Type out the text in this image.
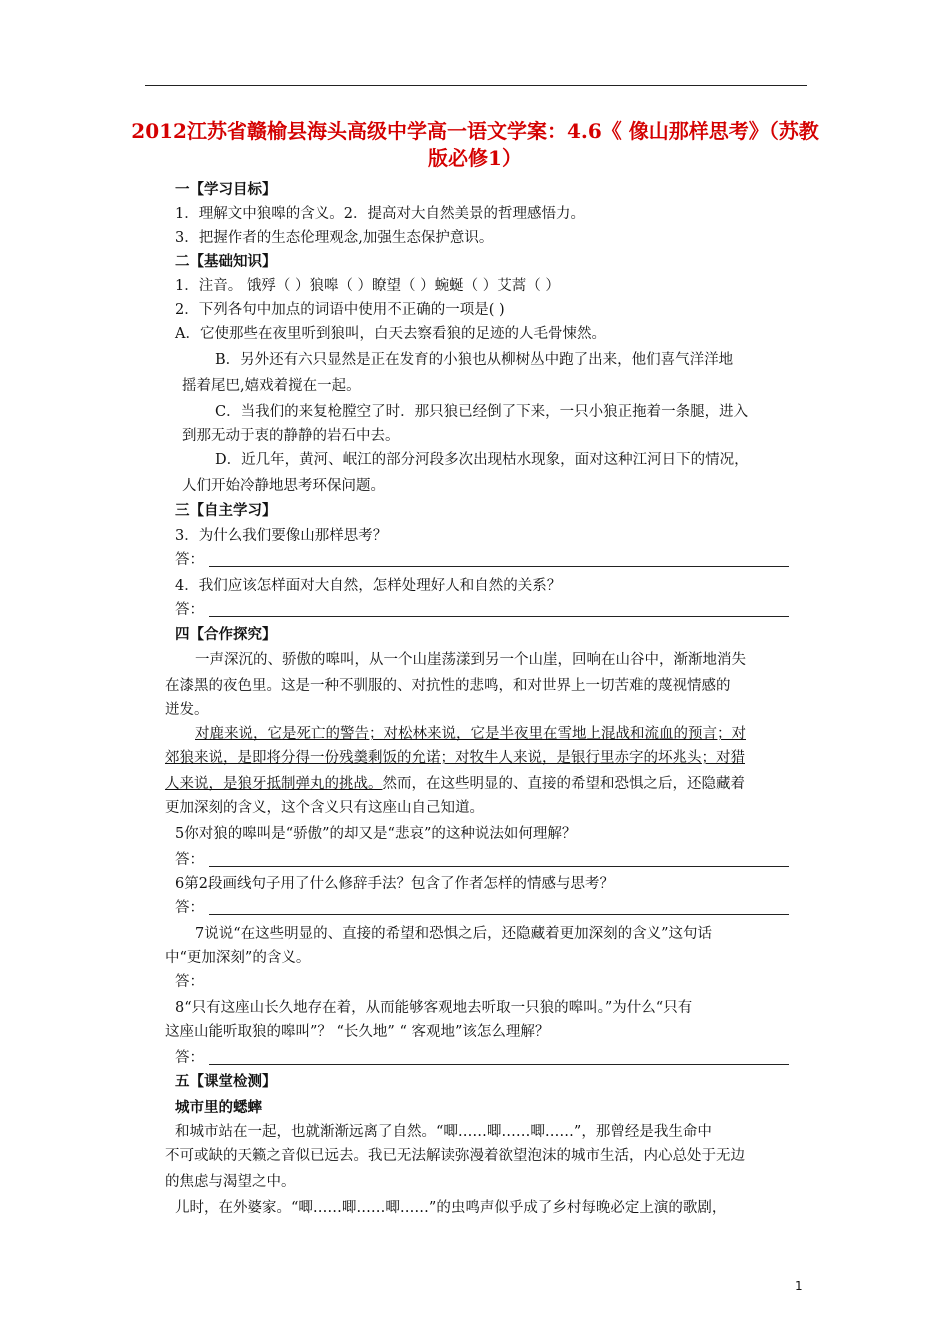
2012江苏省赣榆县海头高级中学高一语文学案：4.6《 像山那样思考》（苏教版必修1）
一【学习目标】
1．理解文中狼嗥的含义。2．提高对大自然美景的哲理感悟力。
3．把握作者的生态伦理观念,加强生态保护意识。
二【基础知识】
1．注音。 饿殍（ ）狼嗥（ ）瞭望（ ）蜿蜒（ ）艾蒿（ ）
2．下列各句中加点的词语中使用不正确的一项是( )
A．它使那些在夜里听到狼叫，白天去察看狼的足迹的人毛骨悚然。
B．另外还有六只显然是正在发育的小狼也从柳树丛中跑了出来，他们喜气洋洋地
摇着尾巴,嬉戏着搅在一起。
C．当我们的来复枪膛空了时．那只狼已经倒了下来，一只小狼正拖着一条腿，进入
到那无动于衷的静静的岩石中去。
D．近几年，黄河、岷江的部分河段多次出现枯水现象，面对这种江河日下的情况，
人们开始冷静地思考环保问题。
三【自主学习】
3．为什么我们要像山那样思考？
答：
4．我们应该怎样面对大自然，怎样处理好人和自然的关系？
答：
四【合作探究】
一声深沉的、骄傲的嗥叫，从一个山崖荡漾到另一个山崖，回响在山谷中，渐渐地消失
在漆黑的夜色里。这是一种不驯服的、对抗性的悲鸣，和对世界上一切苦难的蔑视情感的
迸发。
对鹿来说，它是死亡的警告；对松林来说，它是半夜里在雪地上混战和流血的预言；对
郊狼来说，是即将分得一份残羹剩饭的允诺；对牧牛人来说，是银行里赤字的坏兆头；对猎
人来说，是狼牙抵制弹丸的挑战。然而，在这些明显的、直接的希望和恐惧之后，还隐藏着
更加深刻的含义，这个含义只有这座山自己知道。
5你对狼的嗥叫是“骄傲”的却又是“悲哀”的这种说法如何理解？
答：
6第2段画线句子用了什么修辞手法？包含了作者怎样的情感与思考？
答：
7说说“在这些明显的、直接的希望和恐惧之后，还隐藏着更加深刻的含义”这句话
中“更加深刻”的含义。
答：
8“只有这座山长久地存在着，从而能够客观地去听取一只狼的嗥叫。”为什么“只有
这座山能听取狼的嗥叫”？ “长久地” “ 客观地”该怎么理解？
答：
五【课堂检测】
城市里的蟋蟀
和城市站在一起，也就渐渐远离了自然。“唧……唧……唧……”，那曾经是我生命中
不可或缺的天籁之音似已远去。我已无法解读弥漫着欲望泡沫的城市生活，内心总处于无边
的焦虑与渴望之中。
儿时，在外婆家。“唧……唧……唧……”的虫鸣声似乎成了乡村每晚必定上演的歌剧，
1
